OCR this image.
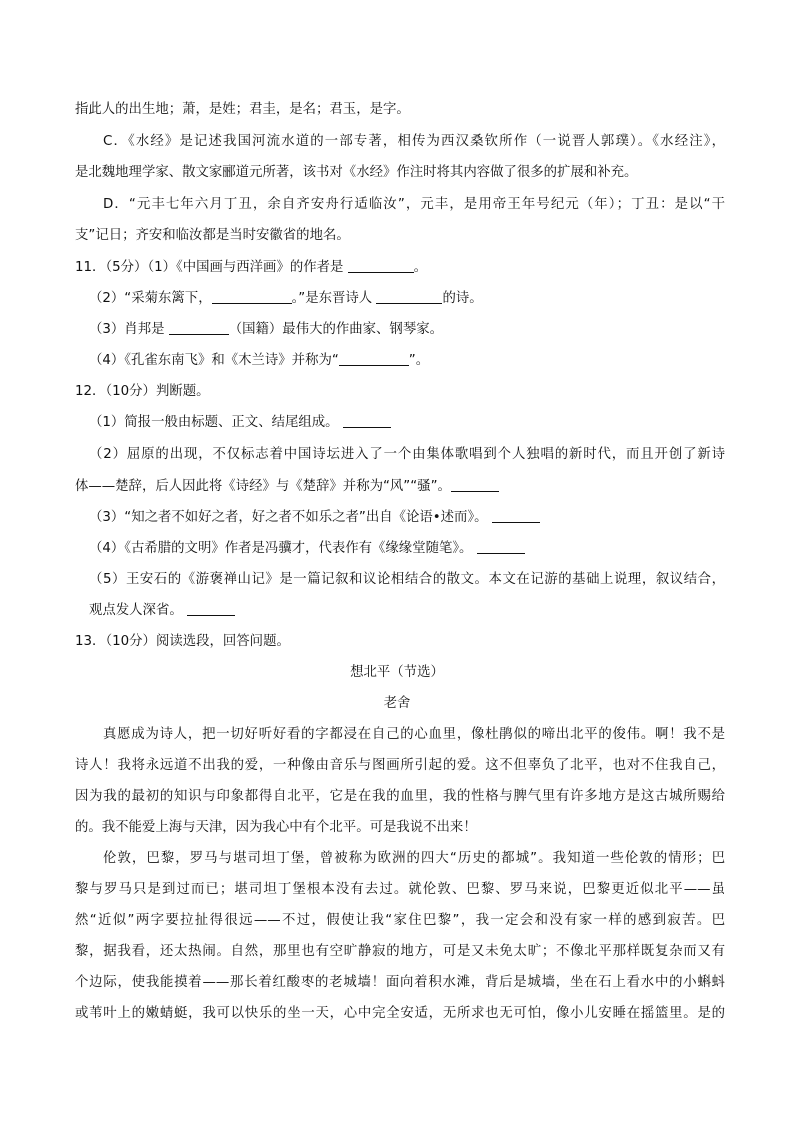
指此人的出生地；萧，是姓；君圭，是名；君玉，是字。
C．《水经》是记述我国河流水道的一部专著，相传为西汉桑钦所作（一说晋人郭璞）。《水经注》，
是北魏地理学家、散文家郦道元所著，该书对《水经》作注时将其内容做了很多的扩展和补充。
D．“元丰七年六月丁丑，余自齐安舟行适临汝”，元丰，是用帝王年号纪元（年）；丁丑：是以“干
支”记日；齐安和临汝都是当时安徽省的地名。
11．（5分）（1）《中国画与西洋画》的作者是	。
（2）“采菊东篱下，	。”是东晋诗人	的诗。
（3）肖邦是	（国籍）最伟大的作曲家、钢琴家。
（4）《孔雀东南飞》和《木兰诗》并称为“	”。
12．（10分）判断题。
（1）简报一般由标题、正文、结尾组成。
（2）屈原的出现，不仅标志着中国诗坛进入了一个由集体歌唱到个人独唱的新时代，而且开创了新诗
体——楚辞，后人因此将《诗经》与《楚辞》并称为“风”“骚”。
（3）“知之者不如好之者，好之者不如乐之者”出自《论语•述而》。
（4）《古希腊的文明》作者是冯骥才，代表作有《缘缘堂随笔》。
（5）王安石的《游褒禅山记》是一篇记叙和议论相结合的散文。本文在记游的基础上说理，叙议结合，
观点发人深省。
13．（10分）阅读选段，回答问题。
想北平（节选）
老舍
真愿成为诗人，把一切好听好看的字都浸在自己的心血里，像杜鹃似的啼出北平的俊伟。啊！我不是
诗人！我将永远道不出我的爱，一种像由音乐与图画所引起的爱。这不但辜负了北平，也对不住我自己，
因为我的最初的知识与印象都得自北平，它是在我的血里，我的性格与脾气里有许多地方是这古城所赐给
的。我不能爱上海与天津，因为我心中有个北平。可是我说不出来！
伦敦，巴黎，罗马与堪司坦丁堡，曾被称为欧洲的四大“历史的都城”。我知道一些伦敦的情形；巴
黎与罗马只是到过而已；堪司坦丁堡根本没有去过。就伦敦、巴黎、罗马来说，巴黎更近似北平——虽
然“近似”两字要拉扯得很远——不过，假使让我“家住巴黎”，我一定会和没有家一样的感到寂苦。巴
黎，据我看，还太热闹。自然，那里也有空旷静寂的地方，可是又未免太旷；不像北平那样既复杂而又有
个边际，使我能摸着——那长着红酸枣的老城墙！面向着积水滩，背后是城墙，坐在石上看水中的小蝌蚪
或苇叶上的嫩蜻蜓，我可以快乐的坐一天，心中完全安适，无所求也无可怕，像小儿安睡在摇篮里。是的
